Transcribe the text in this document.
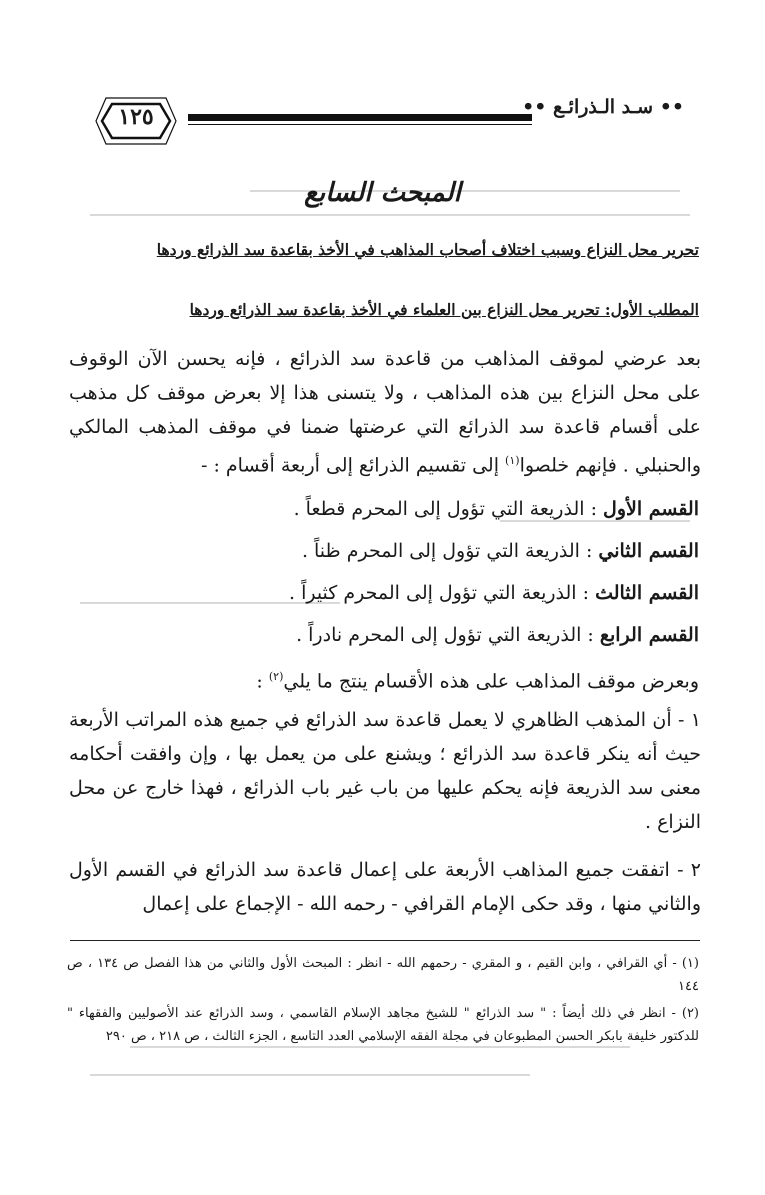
١٢٥	•• سـد الـذرائـع ••
المبحث السابع
تحرير محل النزاع وسبب اختلاف أصحاب المذاهب في الأخذ بقاعدة سد الذرائع وردها
المطلب الأول: تحرير محل النزاع بين العلماء في الأخذ بقاعدة سد الذرائع وردها
بعد عرضي لموقف المذاهب من قاعدة سد الذرائع ، فإنه يحسن الآن الوقوف على محل النزاع بين هذه المذاهب ، ولا يتسنى هذا إلا بعرض موقف كل مذهب على أقسام قاعدة سد الذرائع التي عرضتها ضمنا في موقف المذهب المالكي والحنبلي . فإنهم خلصوا$^{(١)}$ إلى تقسيم الذرائع إلى أربعة أقسام : -
القسم الأول : الذريعة التي تؤول إلى المحرم قطعاً .
القسم الثاني : الذريعة التي تؤول إلى المحرم ظناً .
القسم الثالث : الذريعة التي تؤول إلى المحرم كثيراً .
القسم الرابع : الذريعة التي تؤول إلى المحرم نادراً .
وبعرض موقف المذاهب على هذه الأقسام ينتج ما يلي$^{(٢)}$ :
١ - أن المذهب الظاهري لا يعمل قاعدة سد الذرائع في جميع هذه المراتب الأربعة حيث أنه ينكر قاعدة سد الذرائع ؛ ويشنع على من يعمل بها ، وإن وافقت أحكامه معنى سد الذريعة فإنه يحكم عليها من باب غير باب الذرائع ، فهذا خارج عن محل النزاع .
٢ - اتفقت جميع المذاهب الأربعة على إعمال قاعدة سد الذرائع في القسم الأول والثاني منها ، وقد حكى الإمام القرافي - رحمه الله - الإجماع على إعمال
(١) - أي القرافي ، وابن القيم ، و المقري - رحمهم الله - انظر : المبحث الأول والثاني من هذا الفصل ص ١٣٤ ، ص ١٤٤
(٢) - انظر في ذلك أيضاً : " سد الذرائع " للشيخ مجاهد الإسلام القاسمي ، وسد الذرائع عند الأصوليين والفقهاء " للدكتور خليفة بابكر الحسن المطبوعان في مجلة الفقه الإسلامي العدد التاسع ، الجزء الثالث ، ص ٢١٨ ، ص ٢٩٠
